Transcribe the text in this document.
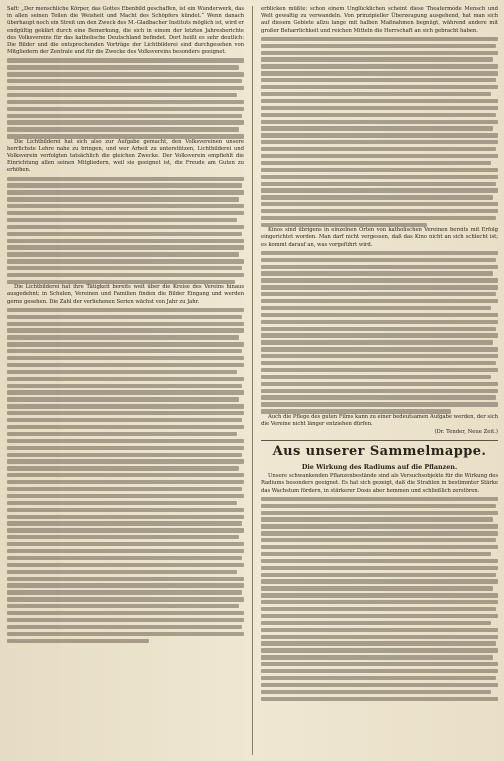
Saft: „Der menschliche Körper, das Gottes Ebenbild geschaffen, ist ein Wunderwerk, das in allen seinen Teilen die Weisheit und Macht des Schöpfers kündet.“ Wenn danach überhaupt noch ein Streit um den Zweck des M.-Gladbacher Instituts möglich ist, wird er endgültig geklärt durch eine Bemerkung, die sich in einem der letzten Jahresberichte des Volksvereins für das katholische Deutschland befindet. Dort heißt es sehr deutlich: Die Bilder und die entsprechenden Vorträge der Lichtbilderei sind durchgesehen von Mitgliedern der Zentrale und für die Zwecke des Volksvereins besonders geeignet.

Die Lichtbilderei hat sich also zur Aufgabe gemacht, den Volksvereinen unsere herrlichste Lehre nahe zu bringen, und wer Arbeit zu unterstützen, Lichtbilderei und Volksverein verfolgten tatsächlich die gleichen Zwecke. Der Volksverein empfiehlt die Einrichtung allen seinen Mitgliedern, weil sie geeignet ist, die Freude am Guten zu erhöhen.

Die Lichtbilderei hat ihre Tätigkeit bereits weit über die Kreise des Vereins hinaus ausgedehnt; in Schulen, Vereinen und Familien finden die Bilder Eingang und werden gerne gesehen. Die Zahl der verliehenen Serien wächst von Jahr zu Jahr.

erblicken müßte: schon einem Unglücklichen scheint diese Theatermode Mensch und Welt gewaltig zu verwandeln. Von prinzipieller Überzeugung ausgehend, hat man sich auf diesem Gebiete allzu lange mit halben Maßnahmen begnügt, während andere mit großer Beharrlichkeit und reichen Mitteln die Herrschaft an sich gebracht haben.

Kinos sind übrigens in einzelnen Orten von katholischen Vereinen bereits mit Erfolg eingerichtet worden. Man darf nicht vergessen, daß das Kino nicht an sich schlecht ist; es kommt darauf an, was vorgeführt wird.

Auch die Pflege des guten Films kann zu einer bedeutsamen Aufgabe werden, der sich die Vereine nicht länger entziehen dürfen.

(Dr. Tender, Neue Zeit.)
Aus unserer Sammelmappe.
Die Wirkung des Radiums auf die Pflanzen.

Unsere schwankenden Pflanzenbestände sind als Versuchsobjekte für die Wirkung des Radiums besonders geeignet. Es hat sich gezeigt, daß die Strahlen in bestimmter Stärke das Wachstum fördern, in stärkerer Dosis aber hemmen und schließlich zerstören.
